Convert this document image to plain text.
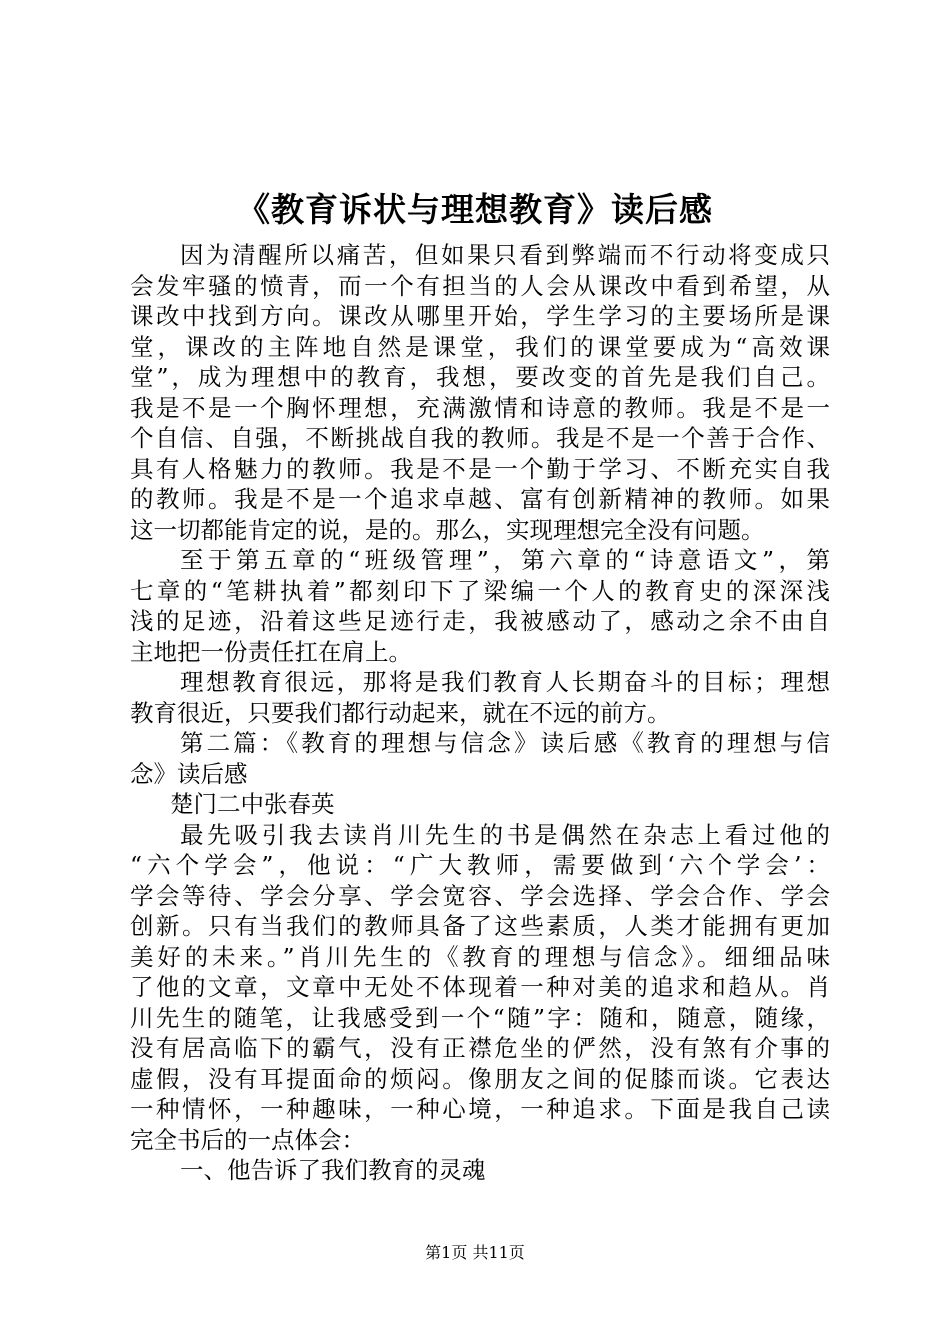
《教育诉状与理想教育》读后感
因为清醒所以痛苦，但如果只看到弊端而不行动将变成只
会发牢骚的愤青，而一个有担当的人会从课改中看到希望，从
课改中找到方向。课改从哪里开始，学生学习的主要场所是课
堂，课改的主阵地自然是课堂，我们的课堂要成为“高效课
堂”，成为理想中的教育，我想，要改变的首先是我们自己。
我是不是一个胸怀理想，充满激情和诗意的教师。我是不是一
个自信、自强，不断挑战自我的教师。我是不是一个善于合作、
具有人格魅力的教师。我是不是一个勤于学习、不断充实自我
的教师。我是不是一个追求卓越、富有创新精神的教师。如果
这一切都能肯定的说，是的。那么，实现理想完全没有问题。
至于第五章的“班级管理”，第六章的“诗意语文”，第
七章的“笔耕执着”都刻印下了梁编一个人的教育史的深深浅
浅的足迹，沿着这些足迹行走，我被感动了，感动之余不由自
主地把一份责任扛在肩上。
理想教育很远，那将是我们教育人长期奋斗的目标；理想
教育很近，只要我们都行动起来，就在不远的前方。
第二篇：《教育的理想与信念》读后感《教育的理想与信
念》读后感
楚门二中张春英
最先吸引我去读肖川先生的书是偶然在杂志上看过他的
“六个学会”，他说：“广大教师，需要做到‘六个学会’：
学会等待、学会分享、学会宽容、学会选择、学会合作、学会
创新。只有当我们的教师具备了这些素质，人类才能拥有更加
美好的未来。”肖川先生的《教育的理想与信念》。细细品味
了他的文章，文章中无处不体现着一种对美的追求和趋从。肖
川先生的随笔，让我感受到一个“随”字：随和，随意，随缘，
没有居高临下的霸气，没有正襟危坐的俨然，没有煞有介事的
虚假，没有耳提面命的烦闷。像朋友之间的促膝而谈。它表达
一种情怀，一种趣味，一种心境，一种追求。下面是我自己读
完全书后的一点体会：
一、他告诉了我们教育的灵魂
第1页 共11页
